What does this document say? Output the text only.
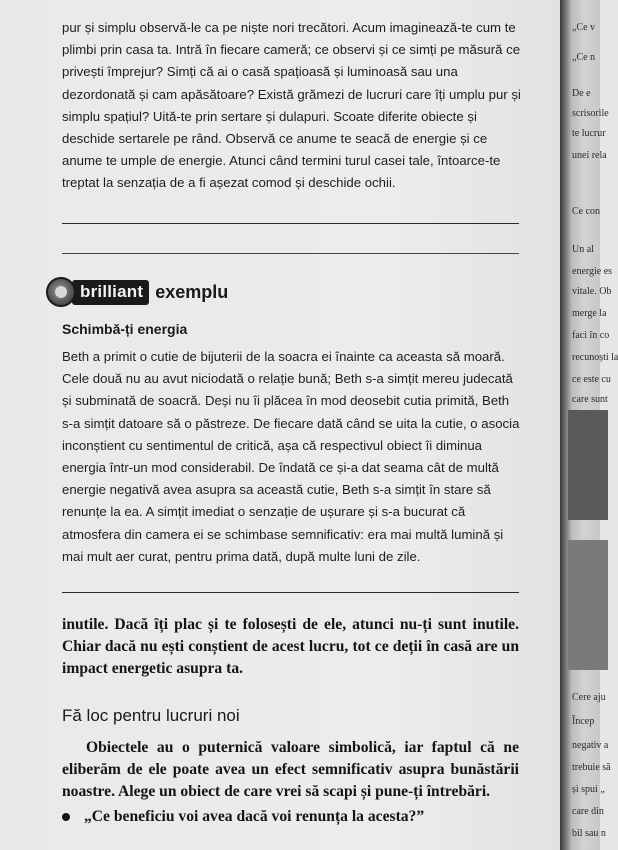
pur și simplu observă-le ca pe niște nori trecători. Acum imaginează-te cum te plimbi prin casa ta. Intră în fiecare cameră; ce observi și ce simți pe măsură ce privești împrejur? Simți că ai o casă spațioasă și luminoasă sau una dezordonată și cam apăsătoare? Există grămezi de lucruri care îți umplu pur și simplu spațiul? Uită-te prin sertare și dulapuri. Scoate diferite obiecte și deschide sertarele pe rând. Observă ce anume te seacă de energie și ce anume te umple de energie. Atunci când termini turul casei tale, întoarce-te treptat la senzația de a fi așezat comod și deschide ochii.
brilliant exemplu
Schimbă-ți energia
Beth a primit o cutie de bijuterii de la soacra ei înainte ca aceasta să moară. Cele două nu au avut niciodată o relație bună; Beth s-a simțit mereu judecată și subminată de soacră. Deși nu îi plăcea în mod deosebit cutia primită, Beth s-a simțit datoare să o păstreze. De fiecare dată când se uita la cutie, o asocia inconștient cu sentimentul de critică, așa că respectivul obiect îi diminua energia într-un mod considerabil. De îndată ce și-a dat seama cât de multă energie negativă avea asupra sa această cutie, Beth s-a simțit în stare să renunțe la ea. A simțit imediat o senzație de ușurare și s-a bucurat că atmosfera din camera ei se schimbase semnificativ: era mai multă lumină și mai mult aer curat, pentru prima dată, după multe luni de zile.
inutile. Dacă îți plac și te folosești de ele, atunci nu-ți sunt inutile. Chiar dacă nu ești conștient de acest lucru, tot ce deții în casă are un impact energetic asupra ta.
Fă loc pentru lucruri noi
Obiectele au o puternică valoare simbolică, iar faptul că ne eliberăm de ele poate avea un efect semnificativ asupra bunăstării noastre. Alege un obiect de care vrei să scapi și pune-ți întrebări.
„Ce beneficiu voi avea dacă voi renunța la acesta?”
„Ce v
„Ce n
De e
scrisorile
te lucrur
unei rela
Ce con
Un al
energie es
vitale. Ob
merge la
faci în co
recunoști la
ce este cu
care sunt
Cere aju
Încep
negativ a
trebuie să
și spui „
care din
bil sau n
